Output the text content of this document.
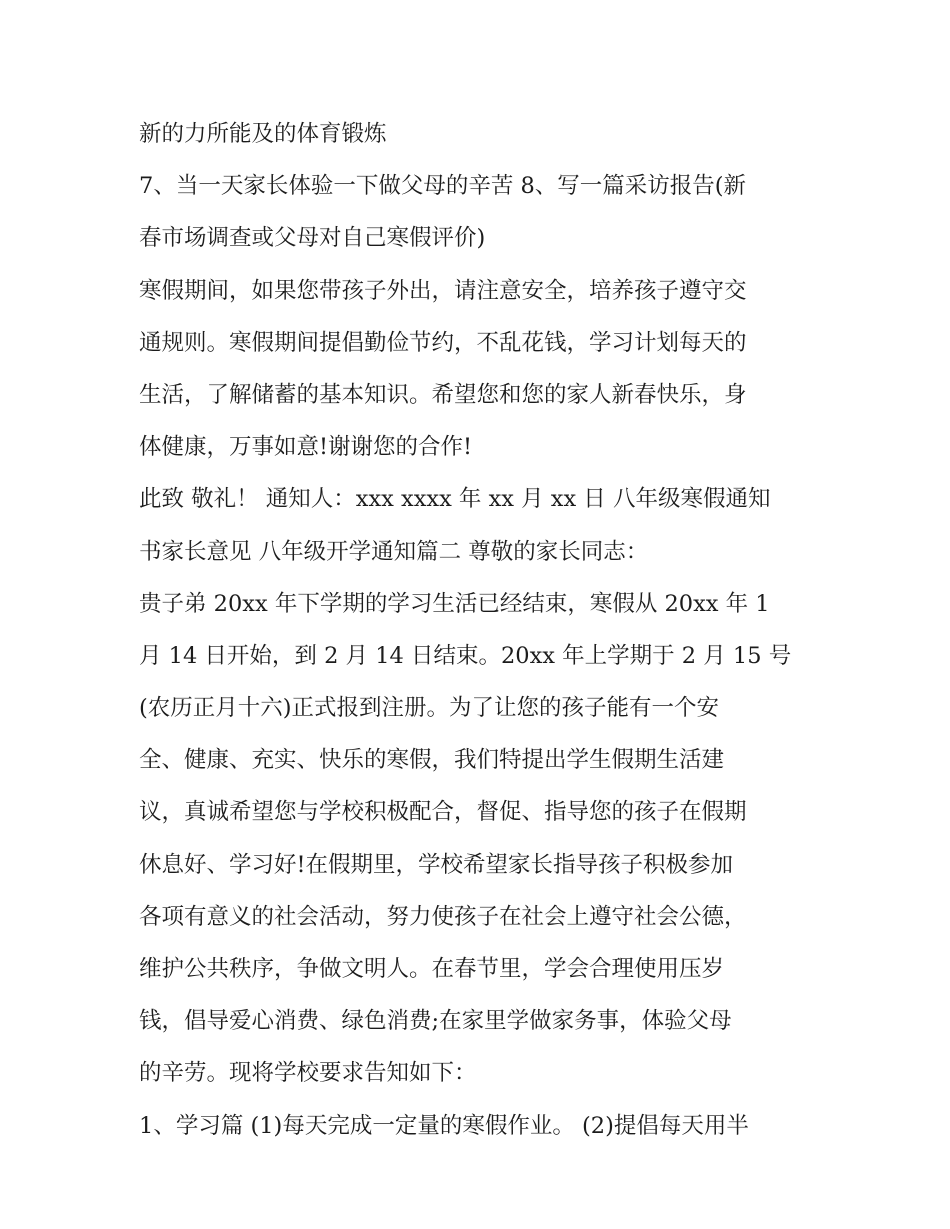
新的力所能及的体育锻炼
7、当一天家长体验一下做父母的辛苦 8、写一篇采访报告(新
春市场调查或父母对自己寒假评价)
寒假期间，如果您带孩子外出，请注意安全，培养孩子遵守交
通规则。寒假期间提倡勤俭节约，不乱花钱，学习计划每天的
生活，了解储蓄的基本知识。希望您和您的家人新春快乐，身
体健康，万事如意!谢谢您的合作!
此致 敬礼！ 通知人：xxx xxxx 年 xx 月 xx 日 八年级寒假通知
书家长意见 八年级开学通知篇二 尊敬的家长同志：
贵子弟 20xx 年下学期的学习生活已经结束，寒假从 20xx 年 1
月 14 日开始，到 2 月 14 日结束。20xx 年上学期于 2 月 15 号
(农历正月十六)正式报到注册。为了让您的孩子能有一个安
全、健康、充实、快乐的寒假，我们特提出学生假期生活建
议，真诚希望您与学校积极配合，督促、指导您的孩子在假期
休息好、学习好!在假期里，学校希望家长指导孩子积极参加
各项有意义的社会活动，努力使孩子在社会上遵守社会公德，
维护公共秩序，争做文明人。在春节里，学会合理使用压岁
钱，倡导爱心消费、绿色消费;在家里学做家务事，体验父母
的辛劳。现将学校要求告知如下：
1、学习篇 (1)每天完成一定量的寒假作业。 (2)提倡每天用半
